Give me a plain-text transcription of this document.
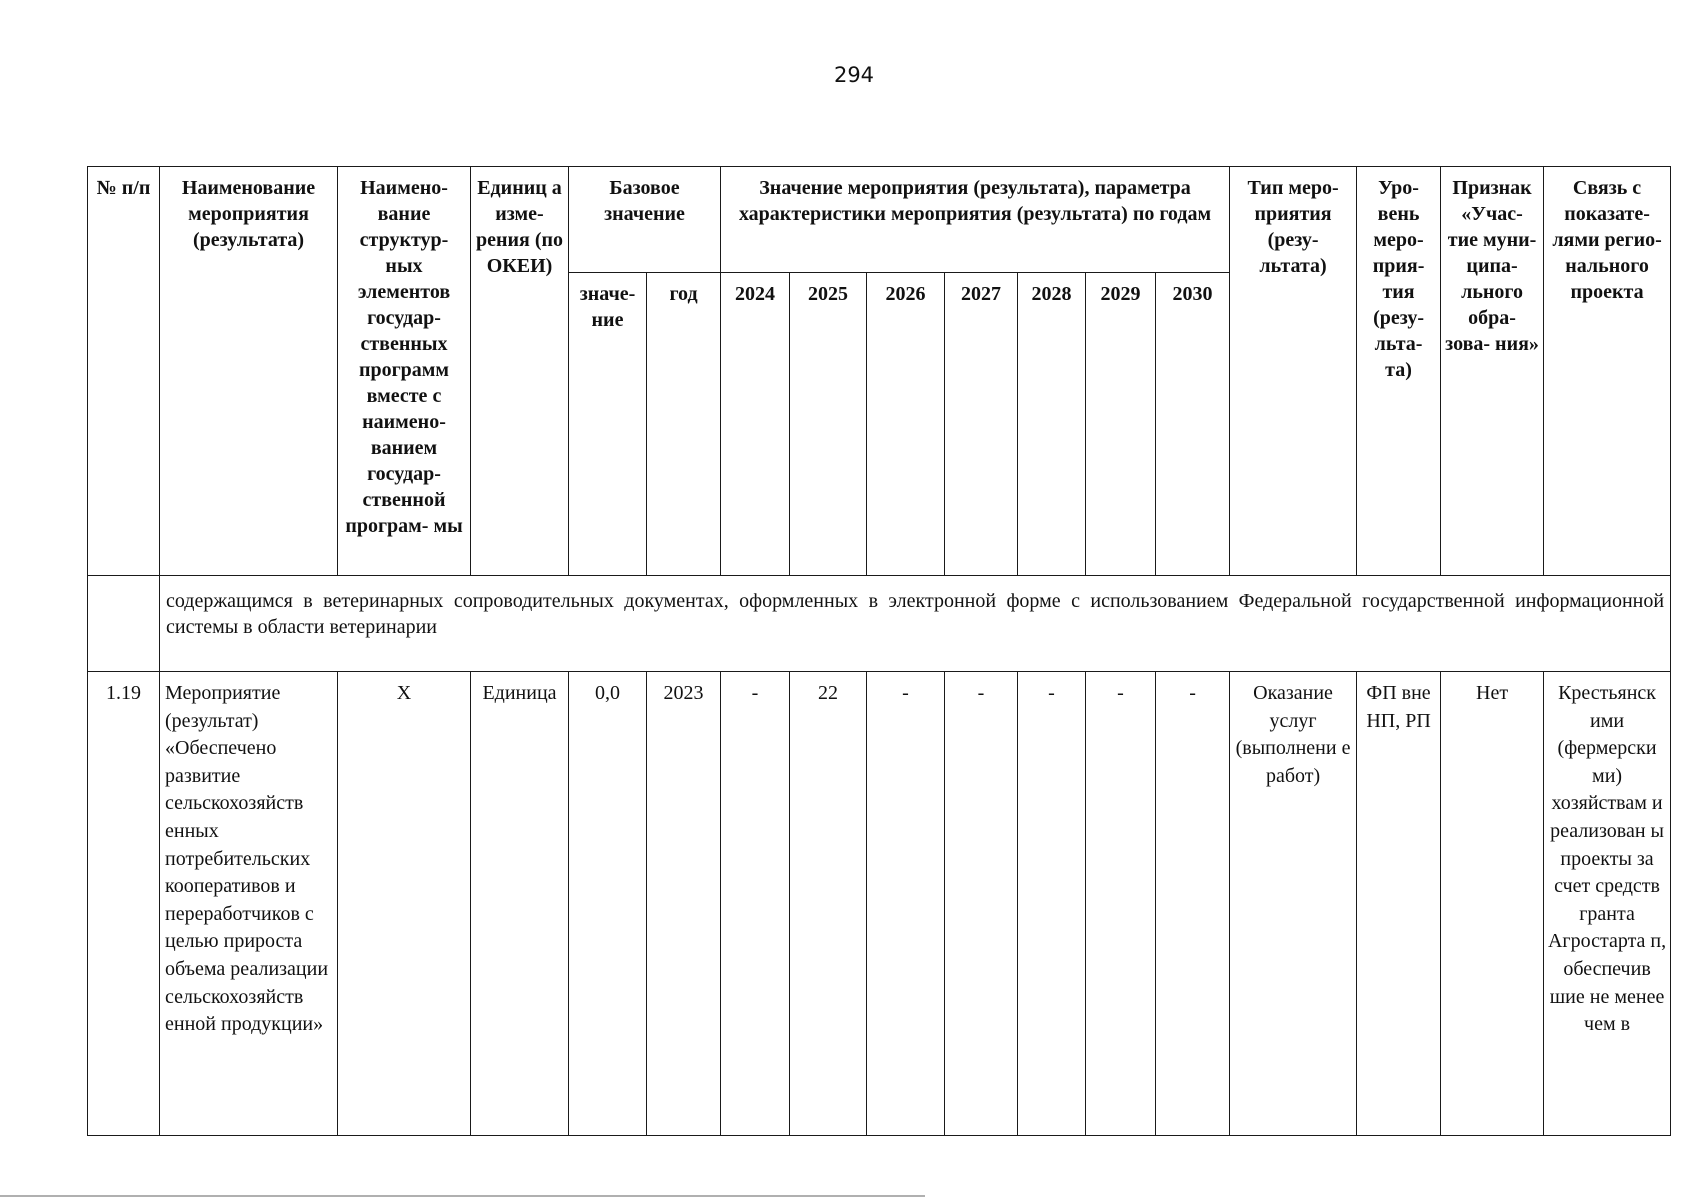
294
№ п/п	Наименование мероприятия (результата)	Наимено- вание структур- ных элементов государ- ственных программ вместе с наимено- ванием государ- ственной програм- мы	Единиц а изме- рения (по ОКЕИ)	Базовое значение		Значение мероприятия (результата), параметра характеристики мероприятия (результата) по годам							Тип меро- приятия (резу- льтата)	Уро- вень меро- прия- тия (резу- льта- та)	Признак «Учас- тие муни- ципа- льного обра- зова- ния»	Связь с показате- лями регио- нального проекта
				значе- ние	год	2024	2025	2026	2027	2028	2029	2030				
	содержащимся в ветеринарных сопроводительных документах, оформленных в электронной форме с использованием Федеральной государственной информационной системы в области ветеринарии															
1.19	Мероприятие (результат) «Обеспечено развитие сельскохозяйств енных потребительских кооперативов и переработчиков с целью прироста объема реализации сельскохозяйств енной продукции»	Х	Единица	0,0	2023	-	22	-	-	-	-	-	Оказание услуг (выполнени е работ)	ФП вне НП, РП	Нет	Крестьянск ими (фермерски ми) хозяйствам и реализован ы проекты за счет средств гранта Агростарта п, обеспечив шие не менее чем в
